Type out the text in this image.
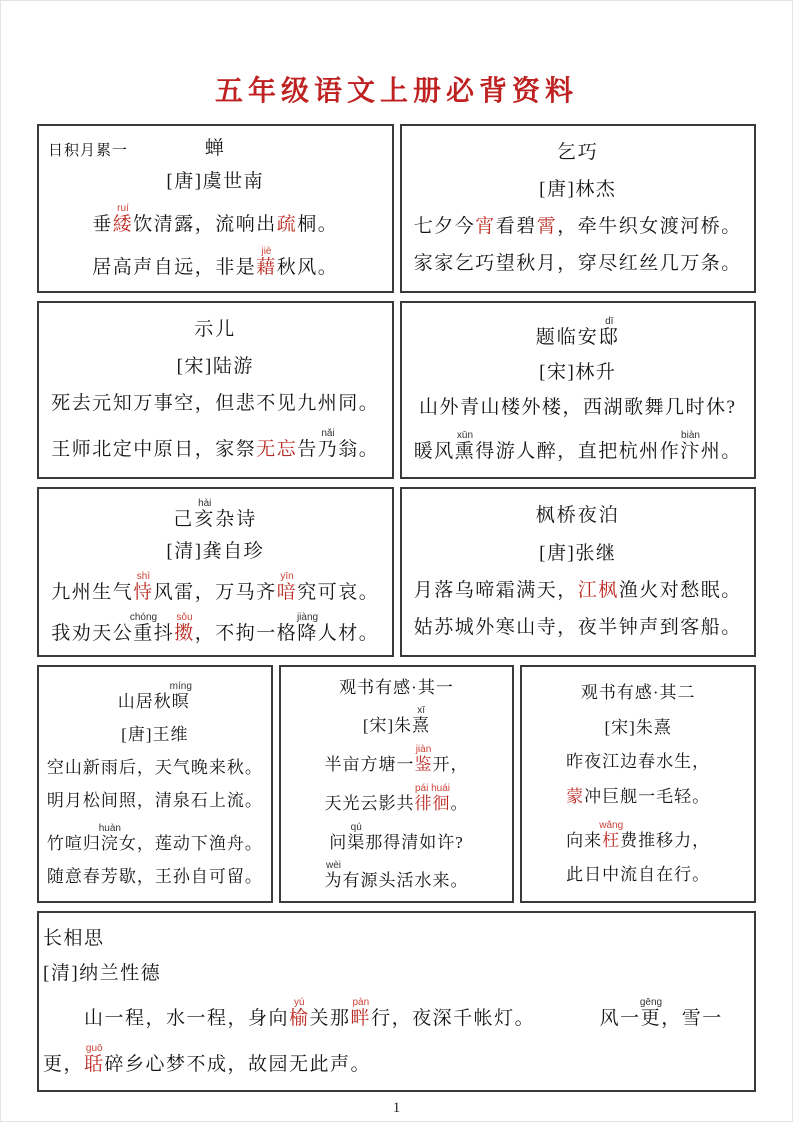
五年级语文上册必背资料
日积月累一	蝉
[唐]虞世南
垂緌ruí饮清露，流响出疏桐。
居高声自远，非是藉jiè秋风。
乞巧
[唐]林杰
七夕今宵看碧霄，牵牛织女渡河桥。
家家乞巧望秋月，穿尽红丝几万条。
示儿
[宋]陆游
死去元知万事空，但悲不见九州同。
王师北定中原日，家祭无忘告乃nǎi翁。
题临安邸dī
[宋]林升
山外青山楼外楼，西湖歌舞几时休?
暖风熏xūn得游人醉，直把杭州作汴biàn州。
己亥hài杂诗
[清]龚自珍
九州生气恃shì风雷，万马齐喑yīn究可哀。
我劝天公重chóng抖擞sǒu，不拘一格降jiàng人材。
枫桥夜泊
[唐]张继
月落乌啼霜满天，江枫渔火对愁眠。
姑苏城外寒山寺，夜半钟声到客船。
山居秋暝míng
[唐]王维
空山新雨后，天气晚来秋。
明月松间照，清泉石上流。
竹喧归浣huàn女，莲动下渔舟。
随意春芳歇，王孙自可留。
观书有感·其一
[宋]朱熹xī
半亩方塘一鉴jiàn开，
天光云影共徘徊pái huái。
问渠qú那得清如许?
为wèi有源头活水来。
观书有感·其二
[宋]朱熹
昨夜江边春水生，
蒙冲巨舰一毛轻。
向来枉wǎng费推移力，
此日中流自在行。
长相思
[清]纳兰性德
　　山一程，水一程，身向榆yú关那畔pàn行，夜深千帐灯。	风一更gēng，雪一
更，聒guō碎乡心梦不成，故园无此声。
1
